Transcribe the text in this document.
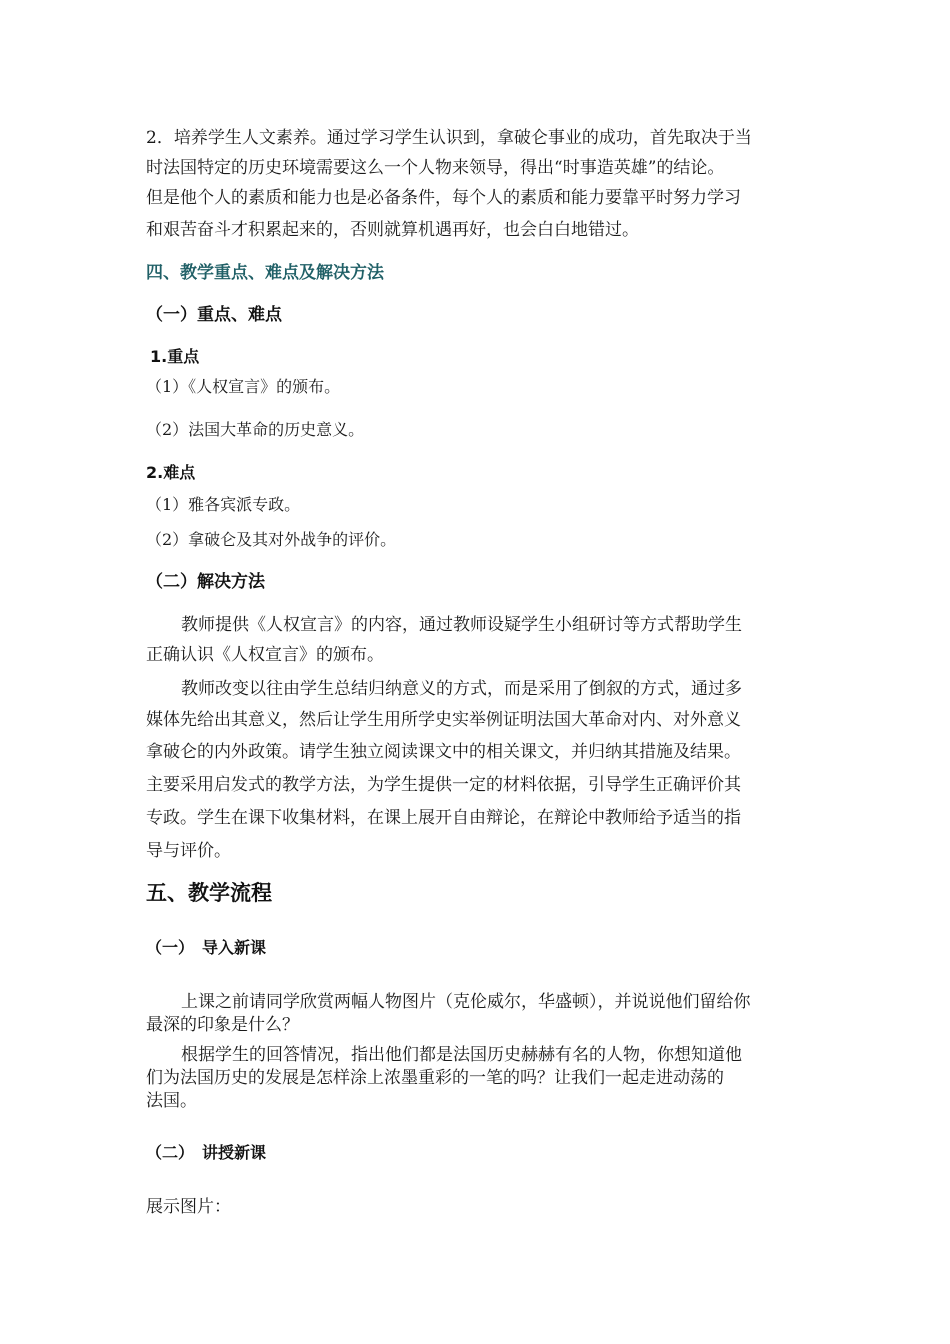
2．培养学生人文素养。通过学习学生认识到，拿破仑事业的成功，首先取决于当
时法国特定的历史环境需要这么一个人物来领导，得出“时事造英雄”的结论。
但是他个人的素质和能力也是必备条件，每个人的素质和能力要靠平时努力学习
和艰苦奋斗才积累起来的，否则就算机遇再好，也会白白地错过。
四、教学重点、难点及解决方法
（一）重点、难点
1.重点
（1）《人权宣言》的颁布。
（2）法国大革命的历史意义。
2.难点
（1）雅各宾派专政。
（2）拿破仑及其对外战争的评价。
（二）解决方法
教师提供《人权宣言》的内容，通过教师设疑学生小组研讨等方式帮助学生
正确认识《人权宣言》的颁布。
教师改变以往由学生总结归纳意义的方式，而是采用了倒叙的方式，通过多
媒体先给出其意义，然后让学生用所学史实举例证明法国大革命对内、对外意义
拿破仑的内外政策。请学生独立阅读课文中的相关课文，并归纳其措施及结果。
主要采用启发式的教学方法，为学生提供一定的材料依据，引导学生正确评价其
专政。学生在课下收集材料，在课上展开自由辩论，在辩论中教师给予适当的指
导与评价。
五、教学流程
（一）　导入新课
上课之前请同学欣赏两幅人物图片（克伦威尔，华盛顿），并说说他们留给你
最深的印象是什么？
根据学生的回答情况，指出他们都是法国历史赫赫有名的人物，你想知道他
们为法国历史的发展是怎样涂上浓墨重彩的一笔的吗？让我们一起走进动荡的
法国。
（二）　讲授新课
展示图片：
